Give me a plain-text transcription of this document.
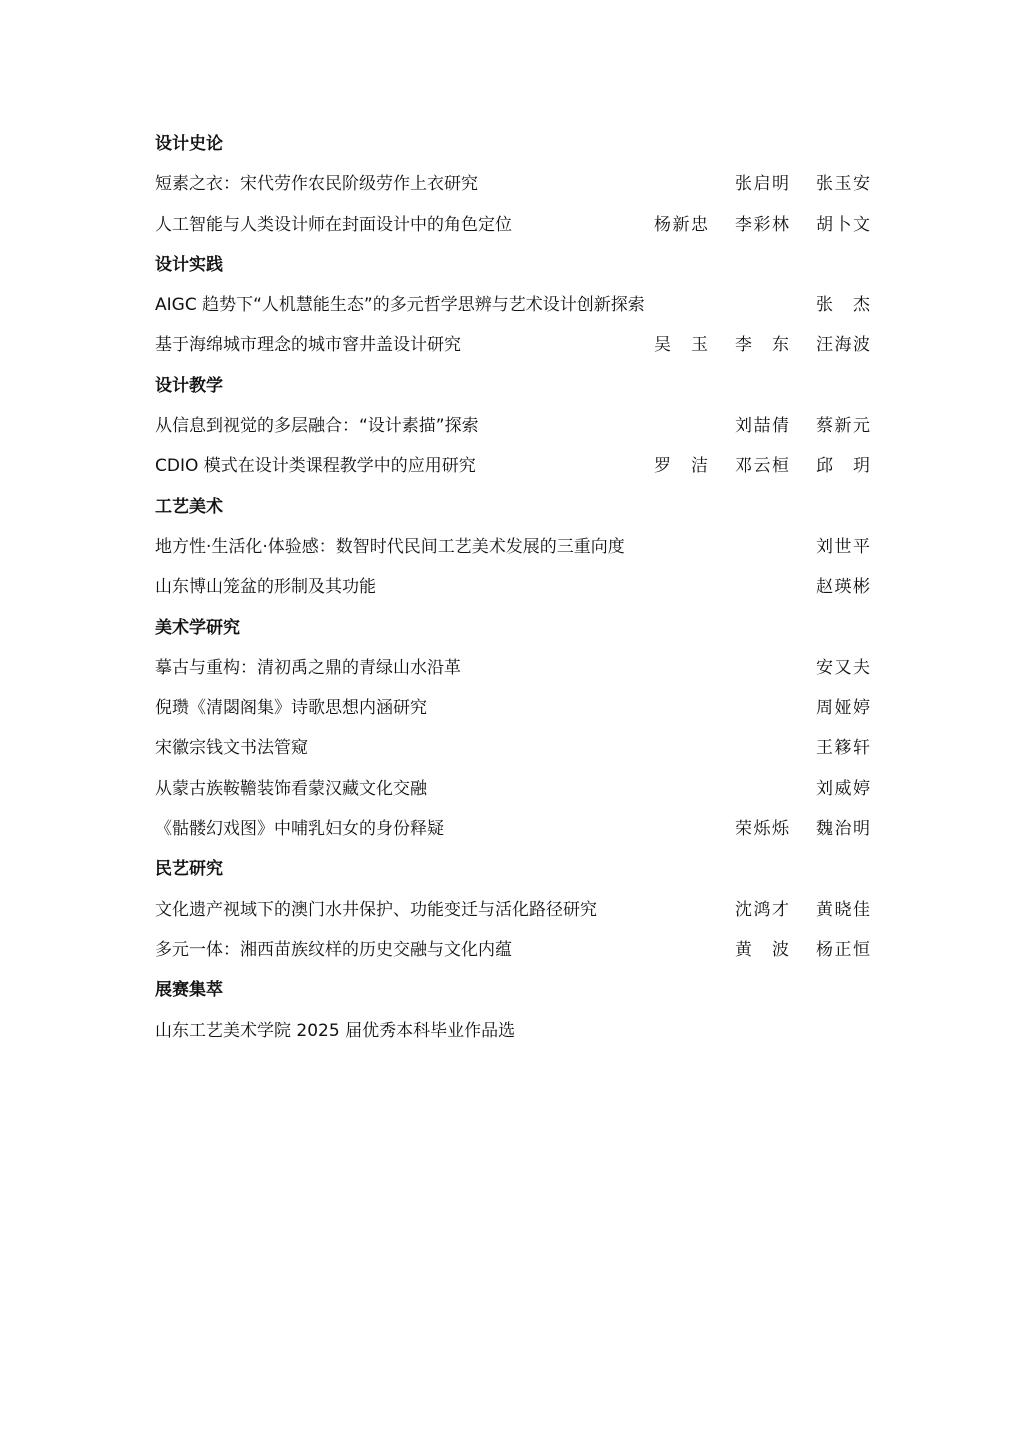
设计史论
短素之衣：宋代劳作农民阶级劳作上衣研究	张启明 张玉安
人工智能与人类设计师在封面设计中的角色定位	杨新忠 李彩林 胡卜文
设计实践
AIGC 趋势下“人机慧能生态”的多元哲学思辨与艺术设计创新探索	张　杰
基于海绵城市理念的城市窨井盖设计研究	吴　玉 李　东 汪海波
设计教学
从信息到视觉的多层融合：“设计素描”探索	刘喆倩 蔡新元
CDIO 模式在设计类课程教学中的应用研究	罗　洁 邓云桓 邱　玥
工艺美术
地方性·生活化·体验感：数智时代民间工艺美术发展的三重向度	刘世平
山东博山笼盆的形制及其功能	赵瑛彬
美术学研究
摹古与重构：清初禹之鼎的青绿山水沿革	安又夫
倪瓒《清閟阁集》诗歌思想内涵研究	周娅婷
宋徽宗钱文书法管窥	王簃轩
从蒙古族鞍韂装饰看蒙汉藏文化交融	刘威婷
《骷髅幻戏图》中哺乳妇女的身份释疑	荣烁烁 魏治明
民艺研究
文化遗产视域下的澳门水井保护、功能变迁与活化路径研究	沈鸿才 黄晓佳
多元一体：湘西苗族纹样的历史交融与文化内蕴	黄　波 杨正恒
展赛集萃
山东工艺美术学院 2025 届优秀本科毕业作品选
